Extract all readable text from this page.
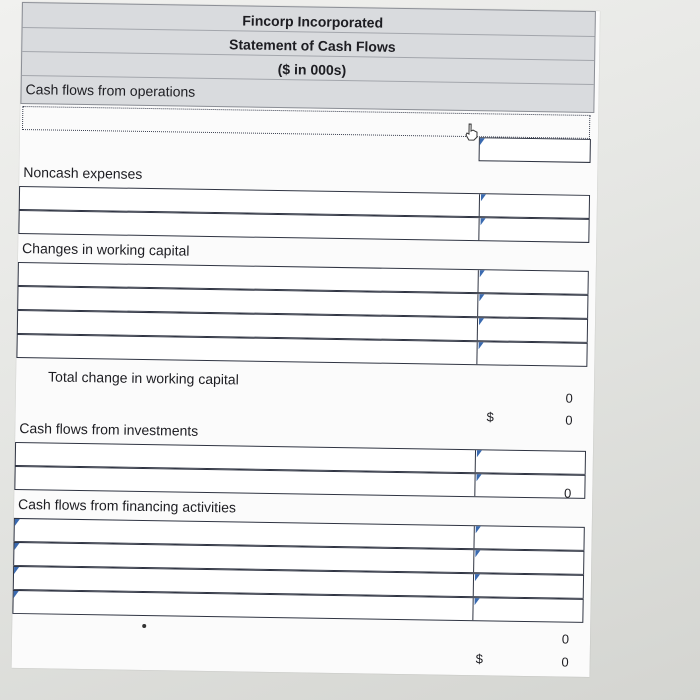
Fincorp Incorporated
Statement of Cash Flows
($ in 000s)
Cash flows from operations
Noncash expenses
Changes in working capital
Total change in working capital
0
$	0
Cash flows from investments
0
Cash flows from financing activities
0
$	0
